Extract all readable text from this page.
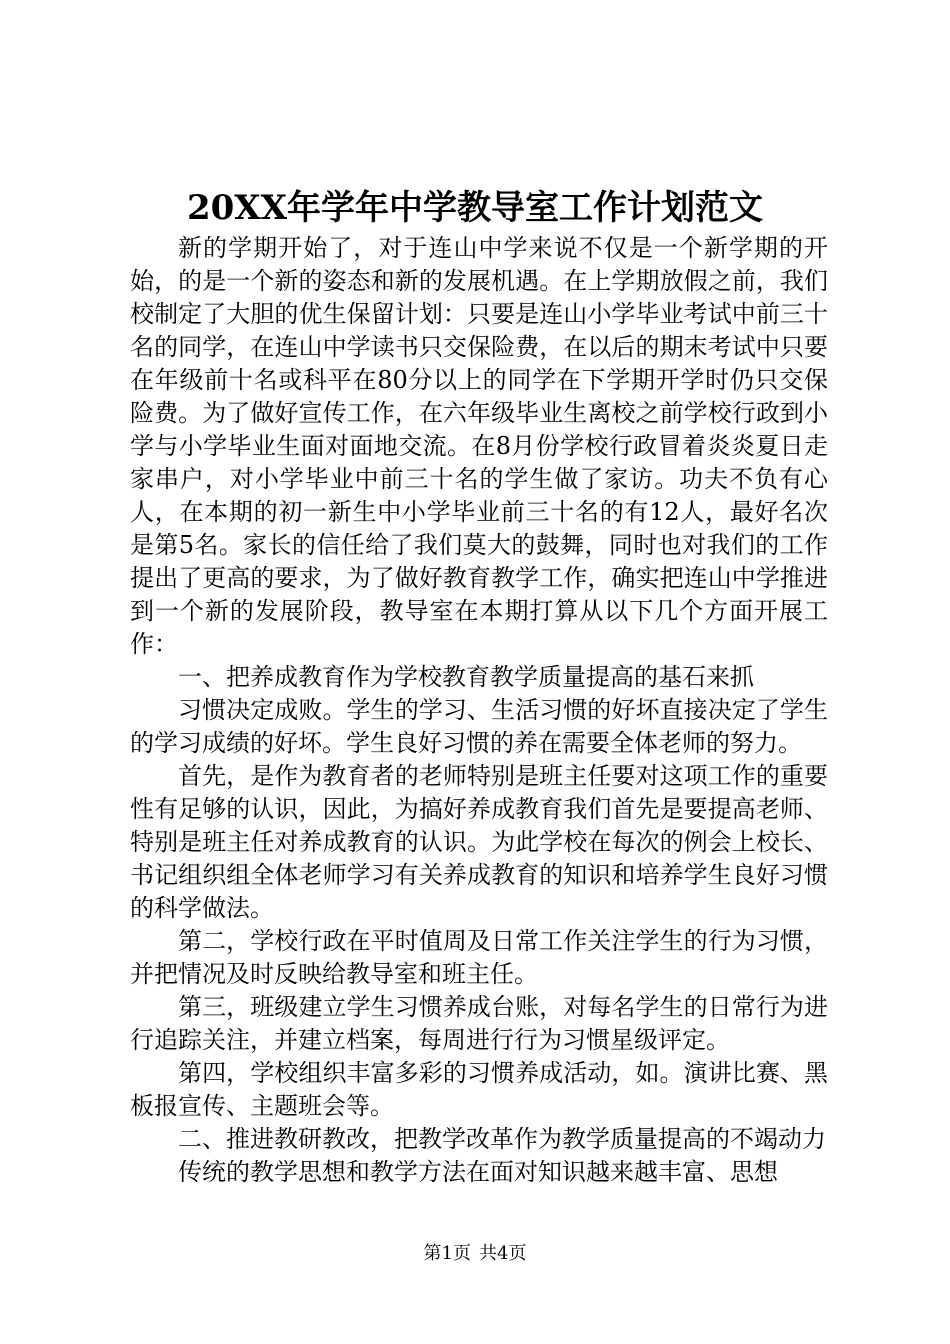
20XX年学年中学教导室工作计划范文

新的学期开始了，对于连山中学来说不仅是一个新学期的开始，的是一个新的姿态和新的发展机遇。在上学期放假之前，我们校制定了大胆的优生保留计划：只要是连山小学毕业考试中前三十名的同学，在连山中学读书只交保险费，在以后的期末考试中只要在年级前十名或科平在80分以上的同学在下学期开学时仍只交保险费。为了做好宣传工作，在六年级毕业生离校之前学校行政到小学与小学毕业生面对面地交流。在8月份学校行政冒着炎炎夏日走家串户，对小学毕业中前三十名的学生做了家访。功夫不负有心人，在本期的初一新生中小学毕业前三十名的有12人，最好名次是第5名。家长的信任给了我们莫大的鼓舞，同时也对我们的工作提出了更高的要求，为了做好教育教学工作，确实把连山中学推进到一个新的发展阶段，教导室在本期打算从以下几个方面开展工作：

一、把养成教育作为学校教育教学质量提高的基石来抓

习惯决定成败。学生的学习、生活习惯的好坏直接决定了学生的学习成绩的好坏。学生良好习惯的养在需要全体老师的努力。

首先，是作为教育者的老师特别是班主任要对这项工作的重要性有足够的认识，因此，为搞好养成教育我们首先是要提高老师、特别是班主任对养成教育的认识。为此学校在每次的例会上校长、书记组织组全体老师学习有关养成教育的知识和培养学生良好习惯的科学做法。

第二，学校行政在平时值周及日常工作关注学生的行为习惯，并把情况及时反映给教导室和班主任。

第三，班级建立学生习惯养成台账，对每名学生的日常行为进行追踪关注，并建立档案，每周进行行为习惯星级评定。

第四，学校组织丰富多彩的习惯养成活动，如。演讲比赛、黑板报宣传、主题班会等。

二、推进教研教改，把教学改革作为教学质量提高的不竭动力

传统的教学思想和教学方法在面对知识越来越丰富、思想

第1页 共4页
